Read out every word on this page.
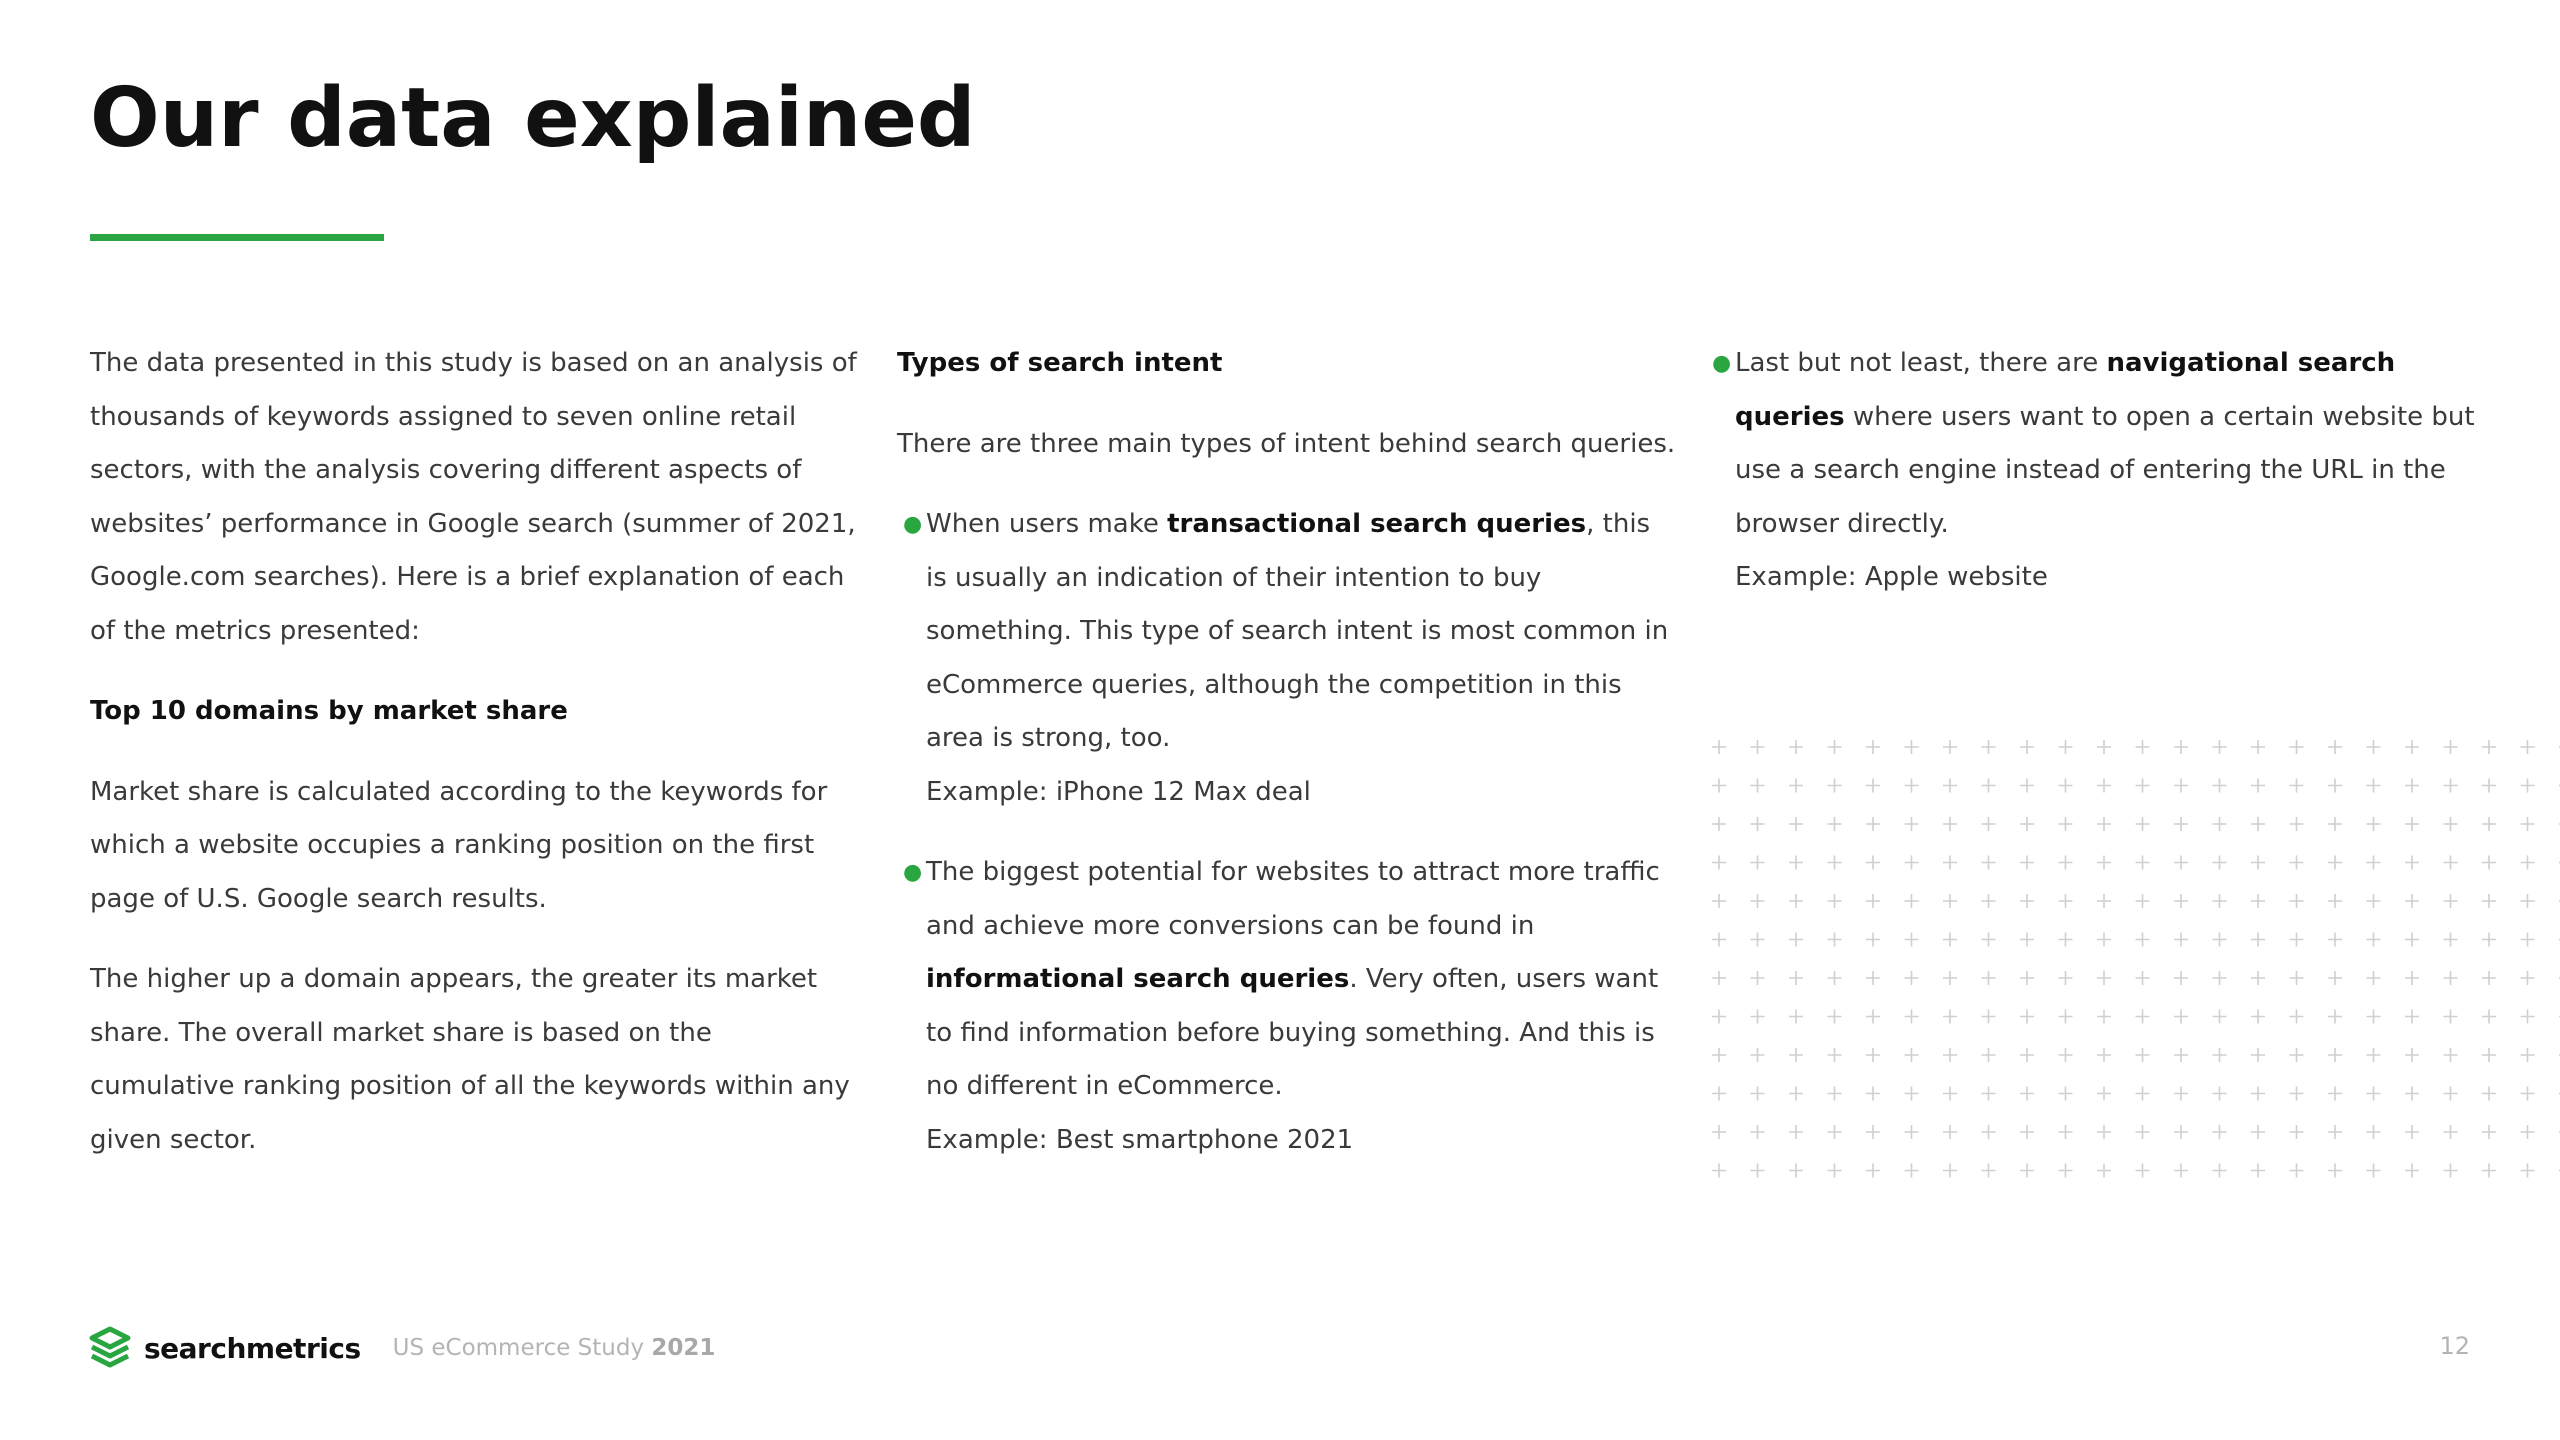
Our data explained

The data presented in this study is based on an analysis of thousands of keywords assigned to seven online retail sectors, with the analysis covering different aspects of websites’ performance in Google search (summer of 2021, Google.com searches). Here is a brief explanation of each of the metrics presented:

Top 10 domains by market share

Market share is calculated according to the keywords for which a website occupies a ranking position on the first page of U.S. Google search results.

The higher up a domain appears, the greater its market share. The overall market share is based on the cumulative ranking position of all the keywords within any given sector.

Types of search intent

There are three main types of intent behind search queries.

● When users make transactional search queries, this is usually an indication of their intention to buy something. This type of search intent is most common in eCommerce queries, although the competition in this area is strong, too.

Example: iPhone 12 Max deal

● The biggest potential for websites to attract more traffic and achieve more conversions can be found in informational search queries. Very often, users want to find information before buying something. And this is no different in eCommerce.

Example: Best smartphone 2021

● Last but not least, there are navigational search queries where users want to open a certain website but use a search engine instead of entering the URL in the browser directly.

Example: Apple website

searchmetrics US eCommerce Study 2021	12
